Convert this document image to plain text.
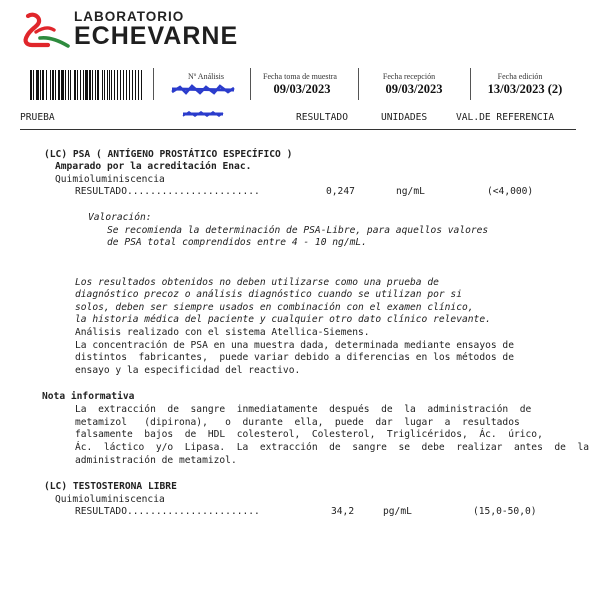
LABORATORIO
ECHEVARNE
Nº Análisis	Fecha toma de muestra
09/03/2023
Fecha recepción
09/03/2023
Fecha edición
13/03/2023 (2)
PRUEBA	RESULTADO	UNIDADES	VAL.DE REFERENCIA
(LC) PSA ( ANTÍGENO PROSTÁTICO ESPECÍFICO )
Amparado por la acreditación Enac.
Quimioluminiscencia
RESULTADO.......................	0,247	ng/mL	(<4,000)
Valoración:
Se recomienda la determinación de PSA-Libre, para aquellos valores
de PSA total comprendidos entre 4 - 10 ng/mL.
Los resultados obtenidos no deben utilizarse como una prueba de
diagnóstico precoz o análisis diagnóstico cuando se utilizan por si
solos, deben ser siempre usados en combinación con el examen clínico,
la historia médica del paciente y cualquier otro dato clínico relevante.
Análisis realizado con el sistema Atellica-Siemens.
La concentración de PSA en una muestra dada, determinada mediante ensayos de
distintos  fabricantes,  puede variar debido a diferencias en los métodos de
ensayo y la especificidad del reactivo.
Nota informativa
La  extracción  de  sangre  inmediatamente  después  de  la  administración  de
metamizol   (dipirona),   o  durante  ella,  puede  dar  lugar  a  resultados
falsamente  bajos  de  HDL  colesterol,  Colesterol,  Triglicéridos,  Ác.  úrico,
Ác.  láctico  y/o  Lipasa.  La  extracción  de  sangre  se  debe  realizar  antes  de  la
administración de metamizol.
(LC) TESTOSTERONA LIBRE
Quimioluminiscencia
RESULTADO.......................	34,2	pg/mL	(15,0-50,0)
